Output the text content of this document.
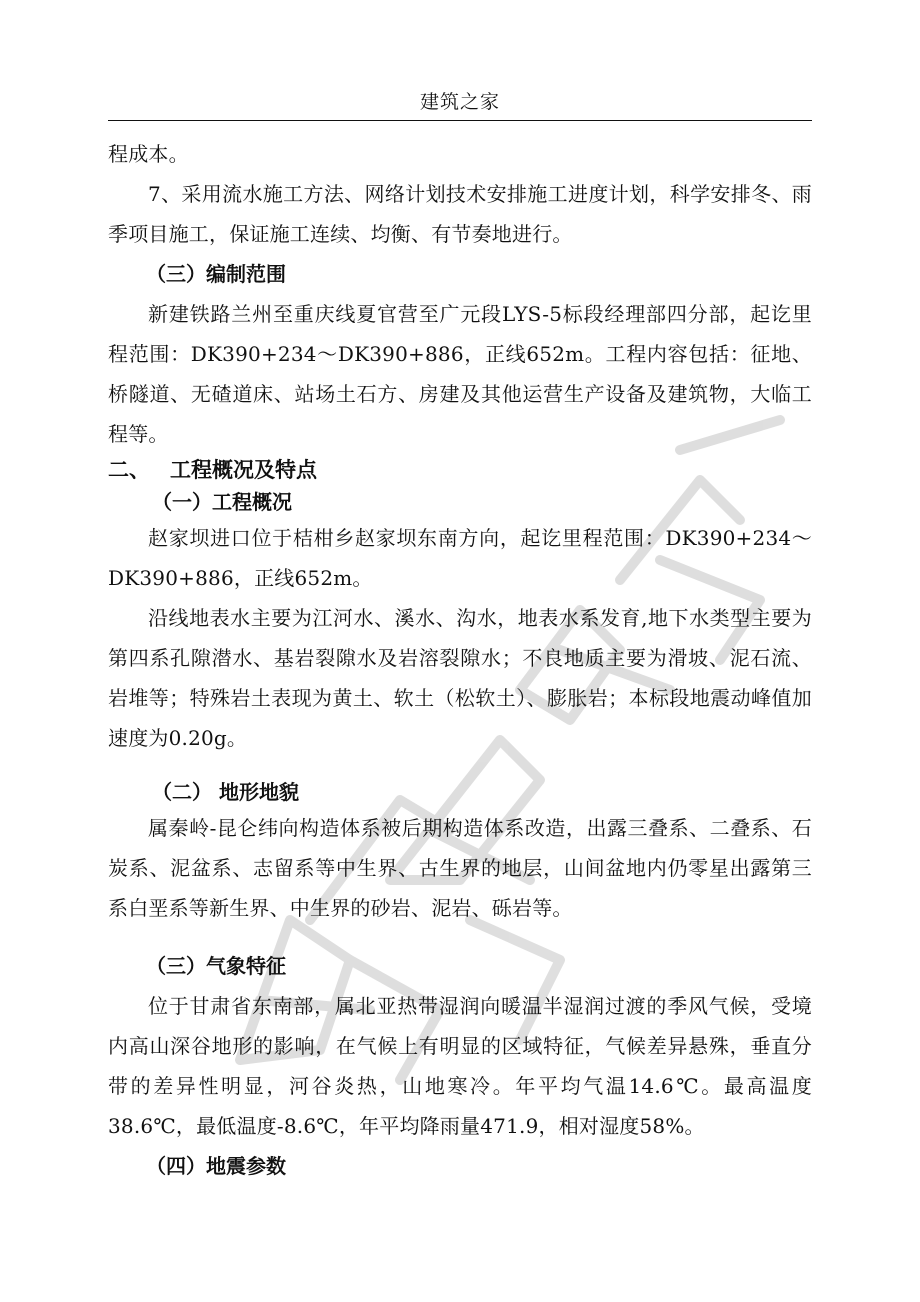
建筑之家

程成本。

7、采用流水施工方法、网络计划技术安排施工进度计划，科学安排冬、雨季项目施工，保证施工连续、均衡、有节奏地进行。

（三）编制范围

新建铁路兰州至重庆线夏官营至广元段LYS-5标段经理部四分部，起讫里程范围：DK390+234～DK390+886，正线652m。工程内容包括：征地、桥隧道、无碴道床、站场土石方、房建及其他运营生产设备及建筑物，大临工程等。

二、 工程概况及特点

（一）工程概况

赵家坝进口位于桔柑乡赵家坝东南方向，起讫里程范围：DK390+234～DK390+886，正线652m。

沿线地表水主要为江河水、溪水、沟水，地表水系发育,地下水类型主要为第四系孔隙潜水、基岩裂隙水及岩溶裂隙水；不良地质主要为滑坡、泥石流、岩堆等；特殊岩土表现为黄土、软土（松软土）、膨胀岩；本标段地震动峰值加速度为0.20g。

（二） 地形地貌

属秦岭-昆仑纬向构造体系被后期构造体系改造，出露三叠系、二叠系、石炭系、泥盆系、志留系等中生界、古生界的地层，山间盆地内仍零星出露第三系白垩系等新生界、中生界的砂岩、泥岩、砾岩等。

（三）气象特征

位于甘肃省东南部，属北亚热带湿润向暖温半湿润过渡的季风气候，受境内高山深谷地形的影响，在气候上有明显的区域特征，气候差异悬殊，垂直分带的差异性明显，河谷炎热，山地寒冷。年平均气温14.6℃。最高温度38.6℃，最低温度-8.6℃，年平均降雨量471.9，相对湿度58%。

（四）地震参数
